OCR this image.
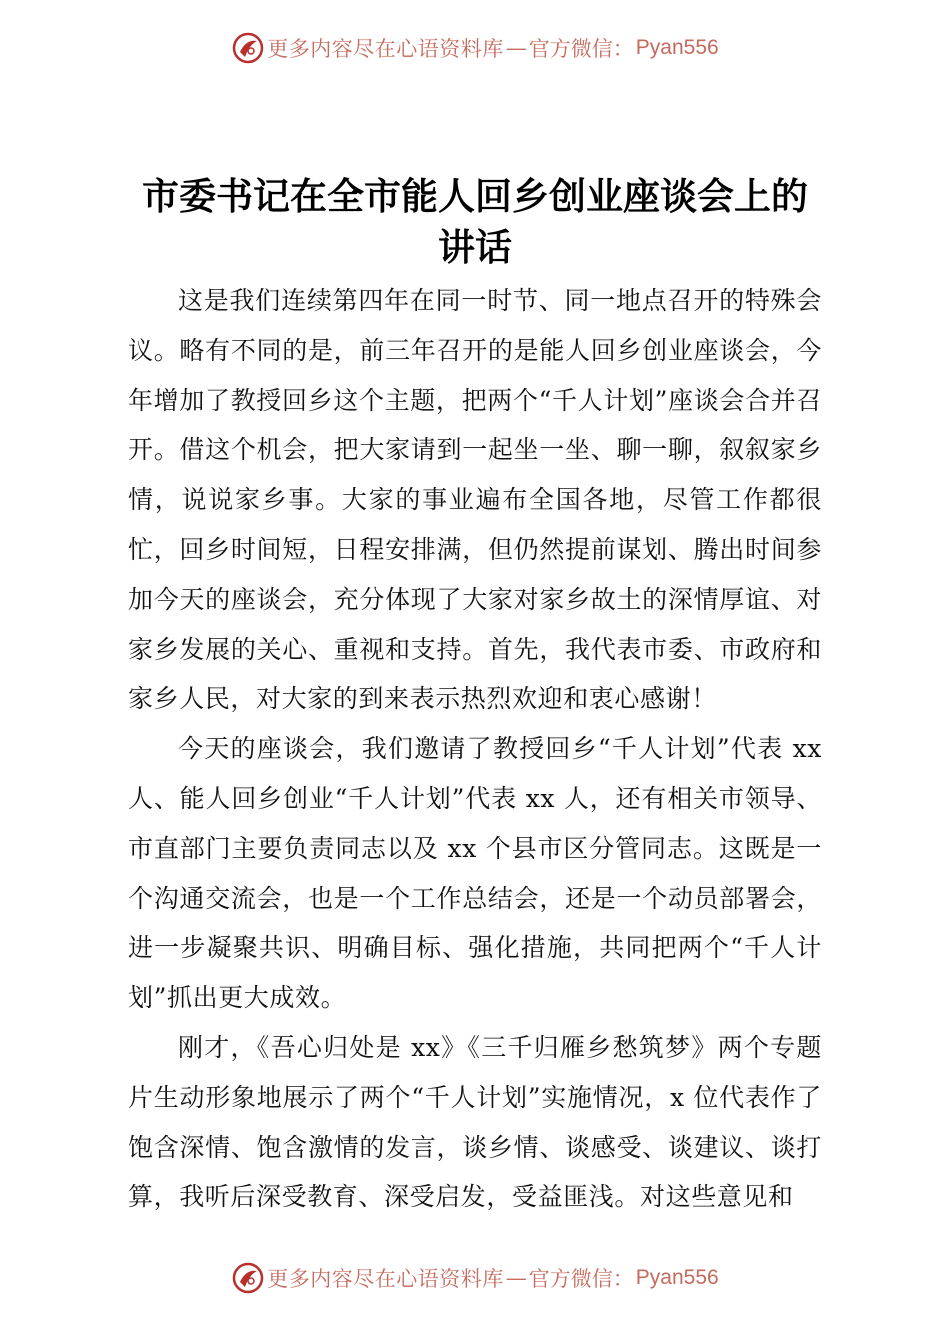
更多内容尽在心语资料库 — 官方微信： Pyan556
市委书记在全市能人回乡创业座谈会上的讲话

这是我们连续第四年在同一时节、同一地点召开的特殊会议。略有不同的是，前三年召开的是能人回乡创业座谈会，今年增加了教授回乡这个主题，把两个“千人计划”座谈会合并召开。借这个机会，把大家请到一起坐一坐、聊一聊，叙叙家乡情，说说家乡事。大家的事业遍布全国各地，尽管工作都很忙，回乡时间短，日程安排满，但仍然提前谋划、腾出时间参加今天的座谈会，充分体现了大家对家乡故土的深情厚谊、对家乡发展的关心、重视和支持。首先，我代表市委、市政府和家乡人民，对大家的到来表示热烈欢迎和衷心感谢！

今天的座谈会，我们邀请了教授回乡“千人计划”代表 xx 人、能人回乡创业“千人计划”代表 xx 人，还有相关市领导、市直部门主要负责同志以及 xx 个县市区分管同志。这既是一个沟通交流会，也是一个工作总结会，还是一个动员部署会，进一步凝聚共识、明确目标、强化措施，共同把两个“千人计划”抓出更大成效。

刚才，《吾心归处是 xx》《三千归雁乡愁筑梦》两个专题片生动形象地展示了两个“千人计划”实施情况，x 位代表作了饱含深情、饱含激情的发言，谈乡情、谈感受、谈建议、谈打算，我听后深受教育、深受启发，受益匪浅。对这些意见和

更多内容尽在心语资料库 — 官方微信： Pyan556
